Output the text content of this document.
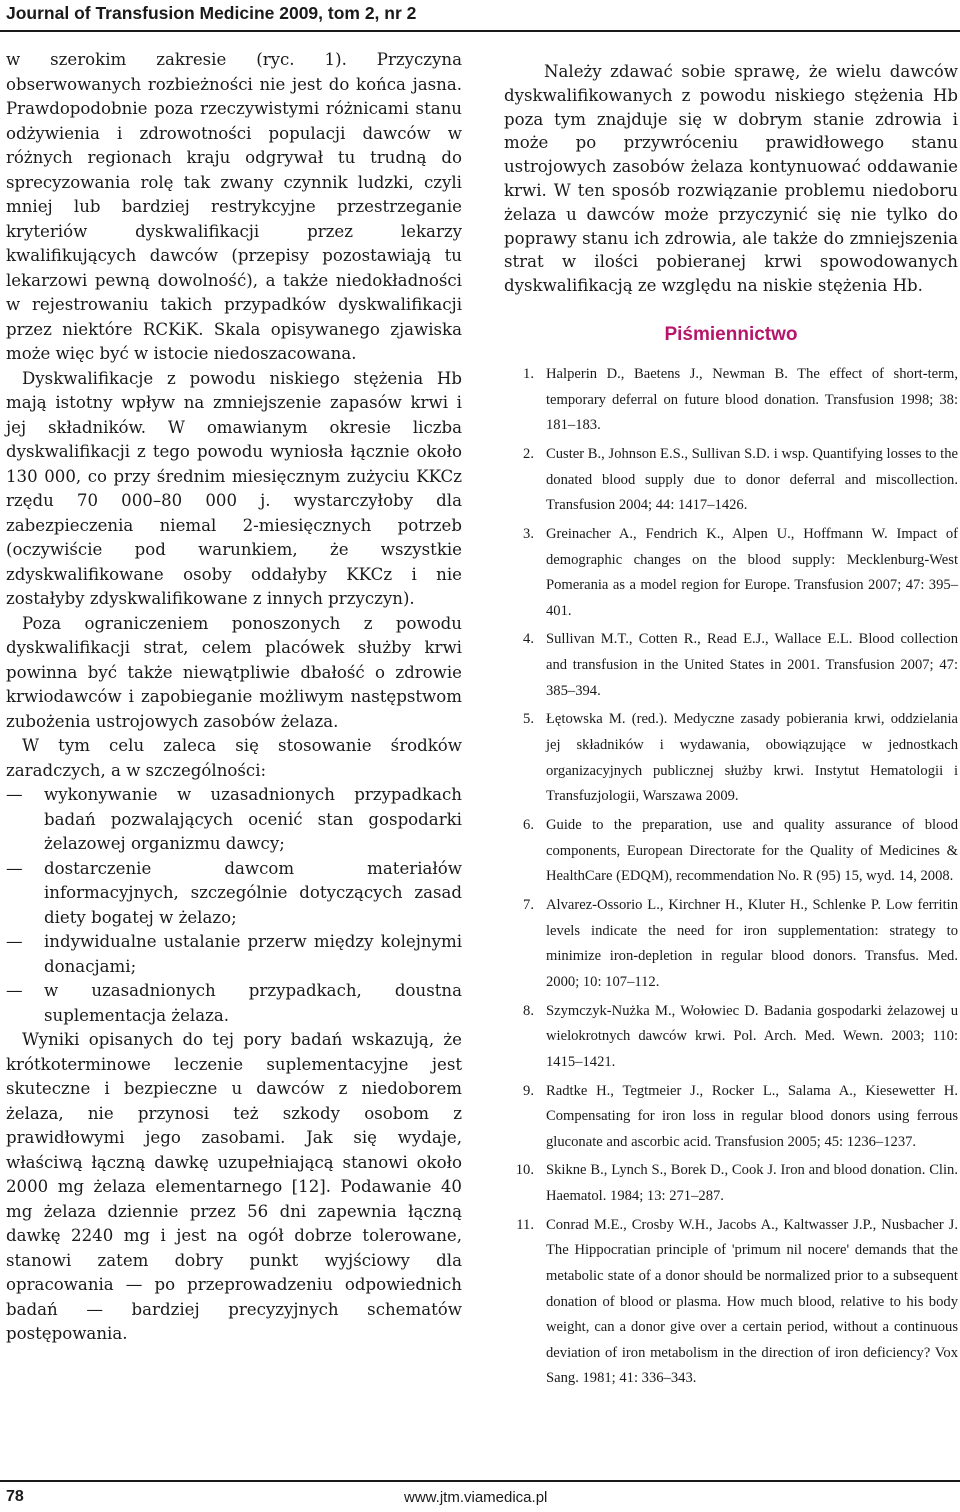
Journal of Transfusion Medicine 2009, tom 2, nr 2

w szerokim zakresie (ryc. 1). Przyczyna obserwowanych rozbieżności nie jest do końca jasna. Prawdopodobnie poza rzeczywistymi różnicami stanu odżywienia i zdrowotności populacji dawców w różnych regionach kraju odgrywał tu trudną do sprecyzowania rolę tak zwany czynnik ludzki, czyli mniej lub bardziej restrykcyjne przestrzeganie kryteriów dyskwalifikacji przez lekarzy kwalifikujących dawców (przepisy pozostawiają tu lekarzowi pewną dowolność), a także niedokładności w rejestrowaniu takich przypadków dyskwalifikacji przez niektóre RCKiK. Skala opisywanego zjawiska może więc być w istocie niedoszacowana.

Dyskwalifikacje z powodu niskiego stężenia Hb mają istotny wpływ na zmniejszenie zapasów krwi i jej składników. W omawianym okresie liczba dyskwalifikacji z tego powodu wyniosła łącznie około 130 000, co przy średnim miesięcznym zużyciu KKCz rzędu 70 000–80 000 j. wystarczyłoby dla zabezpieczenia niemal 2-miesięcznych potrzeb (oczywiście pod warunkiem, że wszystkie zdyskwalifikowane osoby oddałyby KKCz i nie zostałyby zdyskwalifikowane z innych przyczyn).

Poza ograniczeniem ponoszonych z powodu dyskwalifikacji strat, celem placówek służby krwi powinna być także niewątpliwie dbałość o zdrowie krwiodawców i zapobieganie możliwym następstwom zubożenia ustrojowych zasobów żelaza.

W tym celu zaleca się stosowanie środków zaradczych, a w szczególności:

— wykonywanie w uzasadnionych przypadkach badań pozwalających ocenić stan gospodarki żelazowej organizmu dawcy;
— dostarczenie dawcom materiałów informacyjnych, szczególnie dotyczących zasad diety bogatej w żelazo;
— indywidualne ustalanie przerw między kolejnymi donacjami;
— w uzasadnionych przypadkach, doustna suplementacja żelaza.

Wyniki opisanych do tej pory badań wskazują, że krótkoterminowe leczenie suplementacyjne jest skuteczne i bezpieczne u dawców z niedoborem żelaza, nie przynosi też szkody osobom z prawidłowymi jego zasobami. Jak się wydaje, właściwą łączną dawkę uzupełniającą stanowi około 2000 mg żelaza elementarnego [12]. Podawanie 40 mg żelaza dziennie przez 56 dni zapewnia łączną dawkę 2240 mg i jest na ogół dobrze tolerowane, stanowi zatem dobry punkt wyjściowy dla opracowania — po przeprowadzeniu odpowiednich badań — bardziej precyzyjnych schematów postępowania.

Należy zdawać sobie sprawę, że wielu dawców dyskwalifikowanych z powodu niskiego stężenia Hb poza tym znajduje się w dobrym stanie zdrowia i może po przywróceniu prawidłowego stanu ustrojowych zasobów żelaza kontynuować oddawanie krwi. W ten sposób rozwiązanie problemu niedoboru żelaza u dawców może przyczynić się nie tylko do poprawy stanu ich zdrowia, ale także do zmniejszenia strat w ilości pobieranej krwi spowodowanych dyskwalifikacją ze względu na niskie stężenia Hb.

Piśmiennictwo
1. Halperin D., Baetens J., Newman B. The effect of short-term, temporary deferral on future blood donation. Transfusion 1998; 38: 181–183.
2. Custer B., Johnson E.S., Sullivan S.D. i wsp. Quantifying losses to the donated blood supply due to donor deferral and miscollection. Transfusion 2004; 44: 1417–1426.
3. Greinacher A., Fendrich K., Alpen U., Hoffmann W. Impact of demographic changes on the blood supply: Mecklenburg-West Pomerania as a model region for Europe. Transfusion 2007; 47: 395–401.
4. Sullivan M.T., Cotten R., Read E.J., Wallace E.L. Blood collection and transfusion in the United States in 2001. Transfusion 2007; 47: 385–394.
5. Łętowska M. (red.). Medyczne zasady pobierania krwi, oddzielania jej składników i wydawania, obowiązujące w jednostkach organizacyjnych publicznej służby krwi. Instytut Hematologii i Transfuzjologii, Warszawa 2009.
6. Guide to the preparation, use and quality assurance of blood components, European Directorate for the Quality of Medicines & HealthCare (EDQM), recommendation No. R (95) 15, wyd. 14, 2008.
7. Alvarez-Ossorio L., Kirchner H., Kluter H., Schlenke P. Low ferritin levels indicate the need for iron supplementation: strategy to minimize iron-depletion in regular blood donors. Transfus. Med. 2000; 10: 107–112.
8. Szymczyk-Nużka M., Wołowiec D. Badania gospodarki żelazowej u wielokrotnych dawców krwi. Pol. Arch. Med. Wewn. 2003; 110: 1415–1421.
9. Radtke H., Tegtmeier J., Rocker L., Salama A., Kiesewetter H. Compensating for iron loss in regular blood donors using ferrous gluconate and ascorbic acid. Transfusion 2005; 45: 1236–1237.
10. Skikne B., Lynch S., Borek D., Cook J. Iron and blood donation. Clin. Haematol. 1984; 13: 271–287.
11. Conrad M.E., Crosby W.H., Jacobs A., Kaltwasser J.P., Nusbacher J. The Hippocratian principle of 'primum nil nocere' demands that the metabolic state of a donor should be normalized prior to a subsequent donation of blood or plasma. How much blood, relative to his body weight, can a donor give over a certain period, without a continuous deviation of iron metabolism in the direction of iron deficiency? Vox Sang. 1981; 41: 336–343.
78	www.jtm.viamedica.pl
